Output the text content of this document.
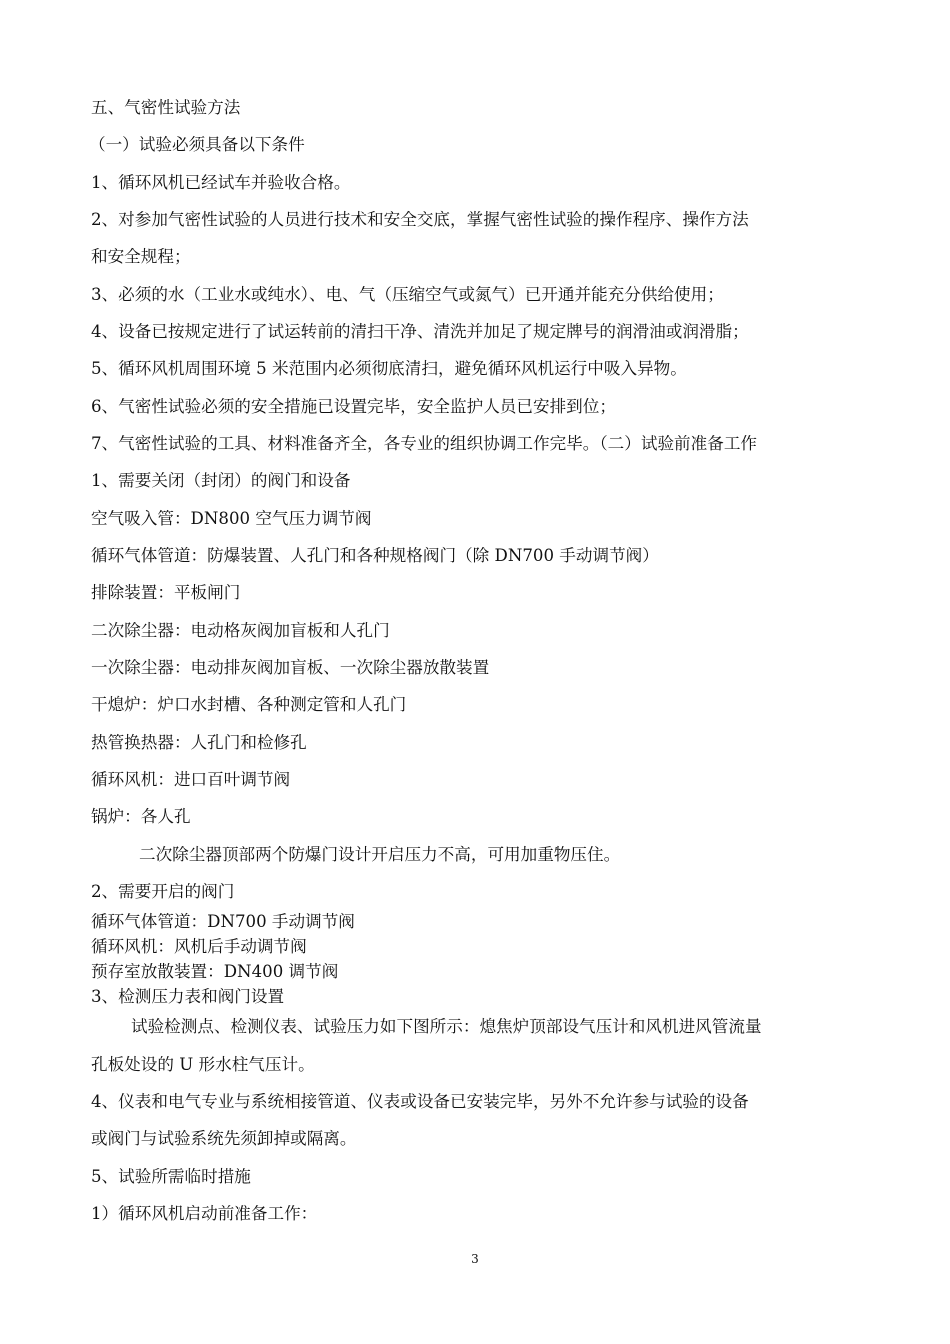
五、气密性试验方法
（一）试验必须具备以下条件
1、循环风机已经试车并验收合格。
2、对参加气密性试验的人员进行技术和安全交底，掌握气密性试验的操作程序、操作方法
和安全规程；
3、必须的水（工业水或纯水）、电、气（压缩空气或氮气）已开通并能充分供给使用；
4、设备已按规定进行了试运转前的清扫干净、清洗并加足了规定牌号的润滑油或润滑脂；
5、循环风机周围环境 5 米范围内必须彻底清扫，避免循环风机运行中吸入异物。
6、气密性试验必须的安全措施已设置完毕，安全监护人员已安排到位；
7、气密性试验的工具、材料准备齐全，各专业的组织协调工作完毕。（二）试验前准备工作
1、需要关闭（封闭）的阀门和设备
空气吸入管：DN800 空气压力调节阀
循环气体管道：防爆装置、人孔门和各种规格阀门（除 DN700 手动调节阀）
排除装置：平板闸门
二次除尘器：电动格灰阀加盲板和人孔门
一次除尘器：电动排灰阀加盲板、一次除尘器放散装置
干熄炉：炉口水封槽、各种测定管和人孔门
热管换热器：人孔门和检修孔
循环风机：进口百叶调节阀
锅炉：各人孔
二次除尘器顶部两个防爆门设计开启压力不高，可用加重物压住。
2、需要开启的阀门
循环气体管道：DN700 手动调节阀
循环风机：风机后手动调节阀
预存室放散装置：DN400 调节阀
3、检测压力表和阀门设置
试验检测点、检测仪表、试验压力如下图所示：熄焦炉顶部设气压计和风机进风管流量
孔板处设的 U 形水柱气压计。
4、仪表和电气专业与系统相接管道、仪表或设备已安装完毕，另外不允许参与试验的设备
或阀门与试验系统先须卸掉或隔离。
5、试验所需临时措施
1）循环风机启动前准备工作：
3
